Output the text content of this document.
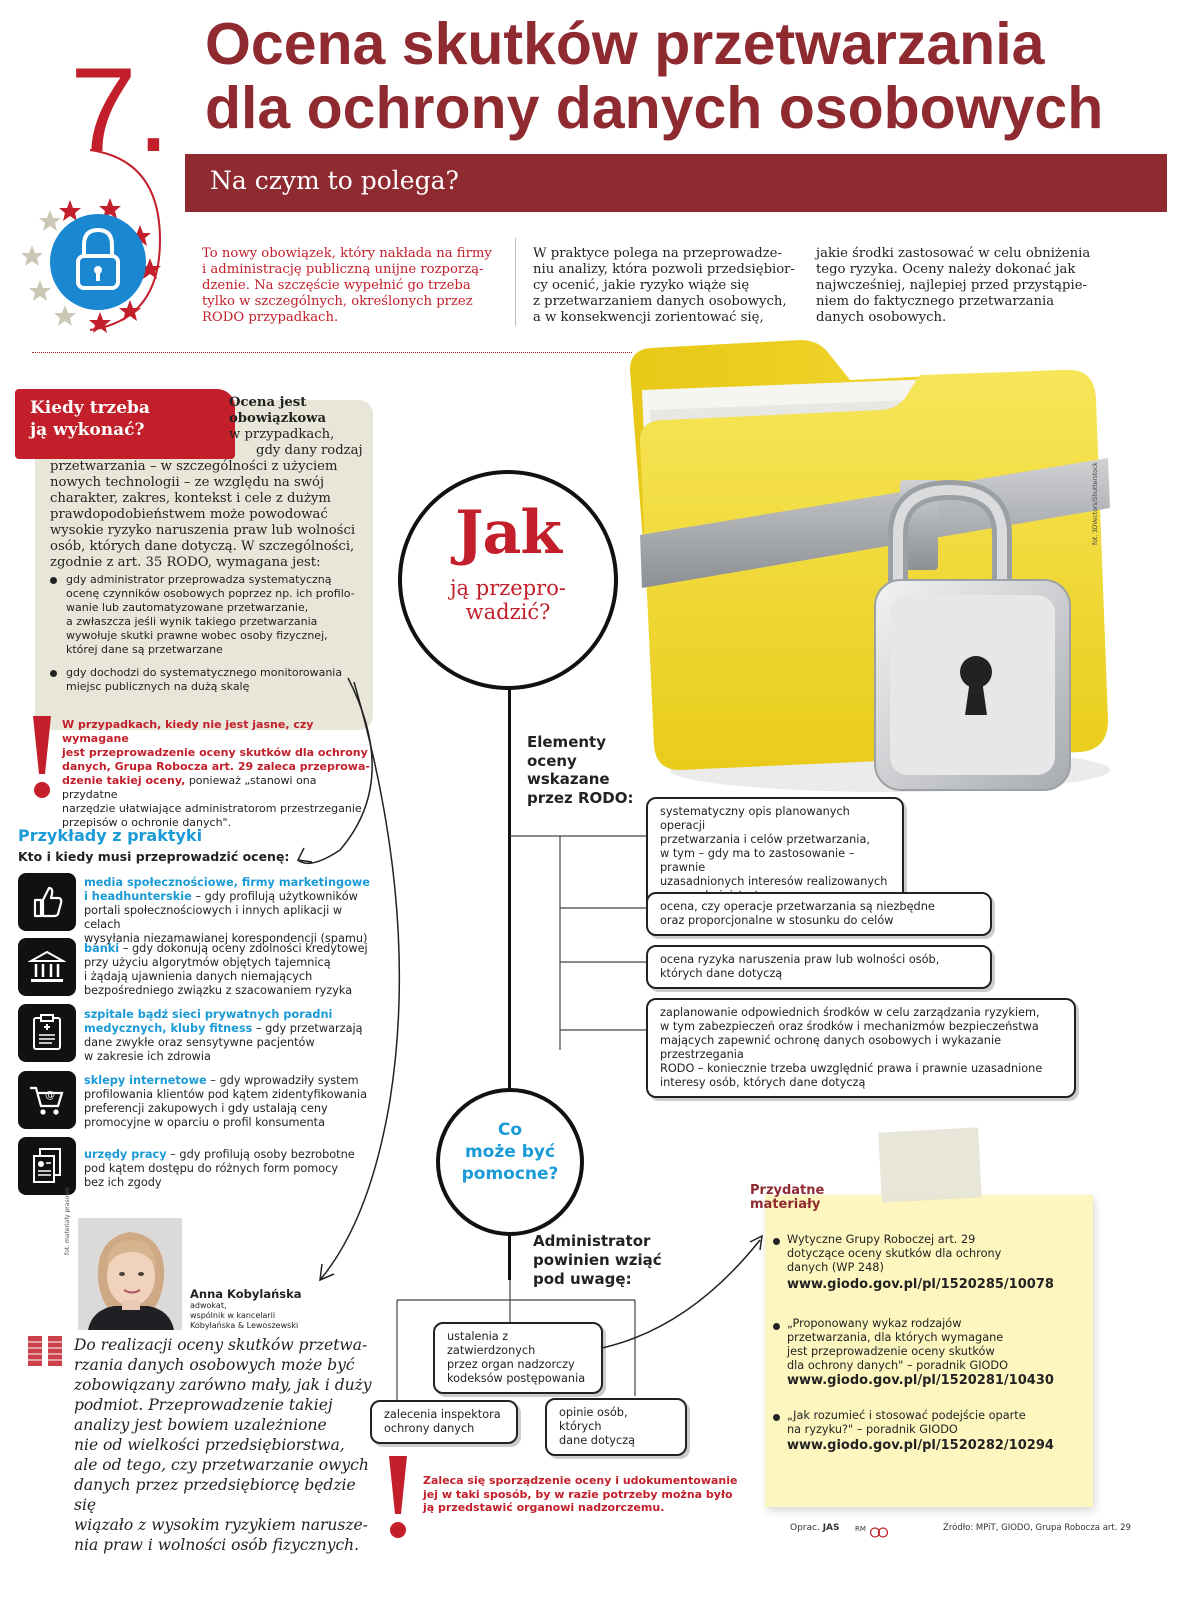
7. Ocena skutków przetwarzania
dla ochrony danych osobowych
Na czym to polega?
To nowy obowiązek, który nakłada na firmy
i administrację publiczną unijne rozporzą-
dzenie. Na szczęście wypełnić go trzeba
tylko w szczególnych, określonych przez
RODO przypadkach.
W praktyce polega na przeprowadze-
niu analizy, która pozwoli przedsiębior-
cy ocenić, jakie ryzyko wiąże się
z przetwarzaniem danych osobowych,
a w konsekwencji zorientować się,
jakie środki zastosować w celu obniżenia
tego ryzyka. Oceny należy dokonać jak
najwcześniej, najlepiej przed przystąpie-
niem do faktycznego przetwarzania
danych osobowych.
Kiedy trzeba
ją wykonać?
Ocena jest
obowiązkowa
w przypadkach,
gdy dany rodzaj
przetwarzania – w szczególności z użyciem
nowych technologii – ze względu na swój
charakter, zakres, kontekst i cele z dużym
prawdopodobieństwem może powodować
wysokie ryzyko naruszenia praw lub wolności
osób, których dane dotyczą. W szczególności,
zgodnie z art. 35 RODO, wymagana jest:
gdy administrator przeprowadza systematyczną
ocenę czynników osobowych poprzez np. ich profilo-
wanie lub zautomatyzowane przetwarzanie,
a zwłaszcza jeśli wynik takiego przetwarzania
wywołuje skutki prawne wobec osoby fizycznej,
której dane są przetwarzane
gdy dochodzi do systematycznego monitorowania
miejsc publicznych na dużą skalę
W przypadkach, kiedy nie jest jasne, czy wymagane
jest przeprowadzenie oceny skutków dla ochrony
danych, Grupa Robocza art. 29 zaleca przeprowa-
dzenie takiej oceny, ponieważ „stanowi ona przydatne
narzędzie ułatwiające administratorom przestrzeganie
przepisów o ochronie danych".
Przykłady z praktyki
Kto i kiedy musi przeprowadzić ocenę:
media społecznościowe, firmy marketingowe
i headhunterskie – gdy profilują użytkowników
portali społecznościowych i innych aplikacji w celach
wysyłania niezamawianej korespondencji (spamu)
banki – gdy dokonują oceny zdolności kredytowej
przy użyciu algorytmów objętych tajemnicą
i żądają ujawnienia danych niemających
bezpośredniego związku z szacowaniem ryzyka
szpitale bądź sieci prywatnych poradni
medycznych, kluby fitness – gdy przetwarzają
dane zwykłe oraz sensytywne pacjentów
w zakresie ich zdrowia
@
sklepy internetowe – gdy wprowadziły system
profilowania klientów pod kątem zidentyfikowania
preferencji zakupowych i gdy ustalają ceny
promocyjne w oparciu o profil konsumenta
urzędy pracy – gdy profilują osoby bezrobotne
pod kątem dostępu do różnych form pomocy
bez ich zgody
fot. materiały prasowe
Anna Kobylańska
adwokat,
wspólnik w kancelarii
Kobylańska & Lewoszewski
Do realizacji oceny skutków przetwa-
rzania danych osobowych może być
zobowiązany zarówno mały, jak i duży
podmiot. Przeprowadzenie takiej
analizy jest bowiem uzależnione
nie od wielkości przedsiębiorstwa,
ale od tego, czy przetwarzanie owych
danych przez przedsiębiorcę będzie się
wiązało z wysokim ryzykiem narusze-
nia praw i wolności osób fizycznych.
Jak
ją przepro-
wadzić?
fot. 3DVectors/Shutterstock
Elementy
oceny
wskazane
przez RODO:
systematyczny opis planowanych operacji
przetwarzania i celów przetwarzania,
w tym – gdy ma to zastosowanie – prawnie
uzasadnionych interesów realizowanych
ocena, czy operacje przetwarzania są niezbędne
oraz proporcjonalne w stosunku do celów
ocena ryzyka naruszenia praw lub wolności osób,
których dane dotyczą
zaplanowanie odpowiednich środków w celu zarządzania ryzykiem,
w tym zabezpieczeń oraz środków i mechanizmów bezpieczeństwa
mających zapewnić ochronę danych osobowych i wykazanie przestrzegania
RODO – koniecznie trzeba uwzględnić prawa i prawnie uzasadnione
interesy osób, których dane dotyczą
Co
może być
pomocne?
Administrator
powinien wziąć
pod uwagę:
ustalenia z zatwierdzonych
przez organ nadzorczy
kodeksów postępowania
zalecenia inspektora
ochrony danych
opinie osób, których
dane dotyczą
Zaleca się sporządzenie oceny i udokumentowanie
jej w taki sposób, by w razie potrzeby można było
ją przedstawić organowi nadzorczemu.
Przydatne
materiały
Wytyczne Grupy Roboczej art. 29
dotyczące oceny skutków dla ochrony
danych (WP 248)
www.giodo.gov.pl/pl/1520285/10078
„Proponowany wykaz rodzajów
przetwarzania, dla których wymagane
jest przeprowadzenie oceny skutków
dla ochrony danych" – poradnik GIODO
www.giodo.gov.pl/pl/1520281/10430
„Jak rozumieć i stosować podejście oparte
na ryzyku?" – poradnik GIODO
www.giodo.gov.pl/pl/1520282/10294
Oprac. JAS RM	Źródło: MPiT, GIODO, Grupa Robocza art. 29
